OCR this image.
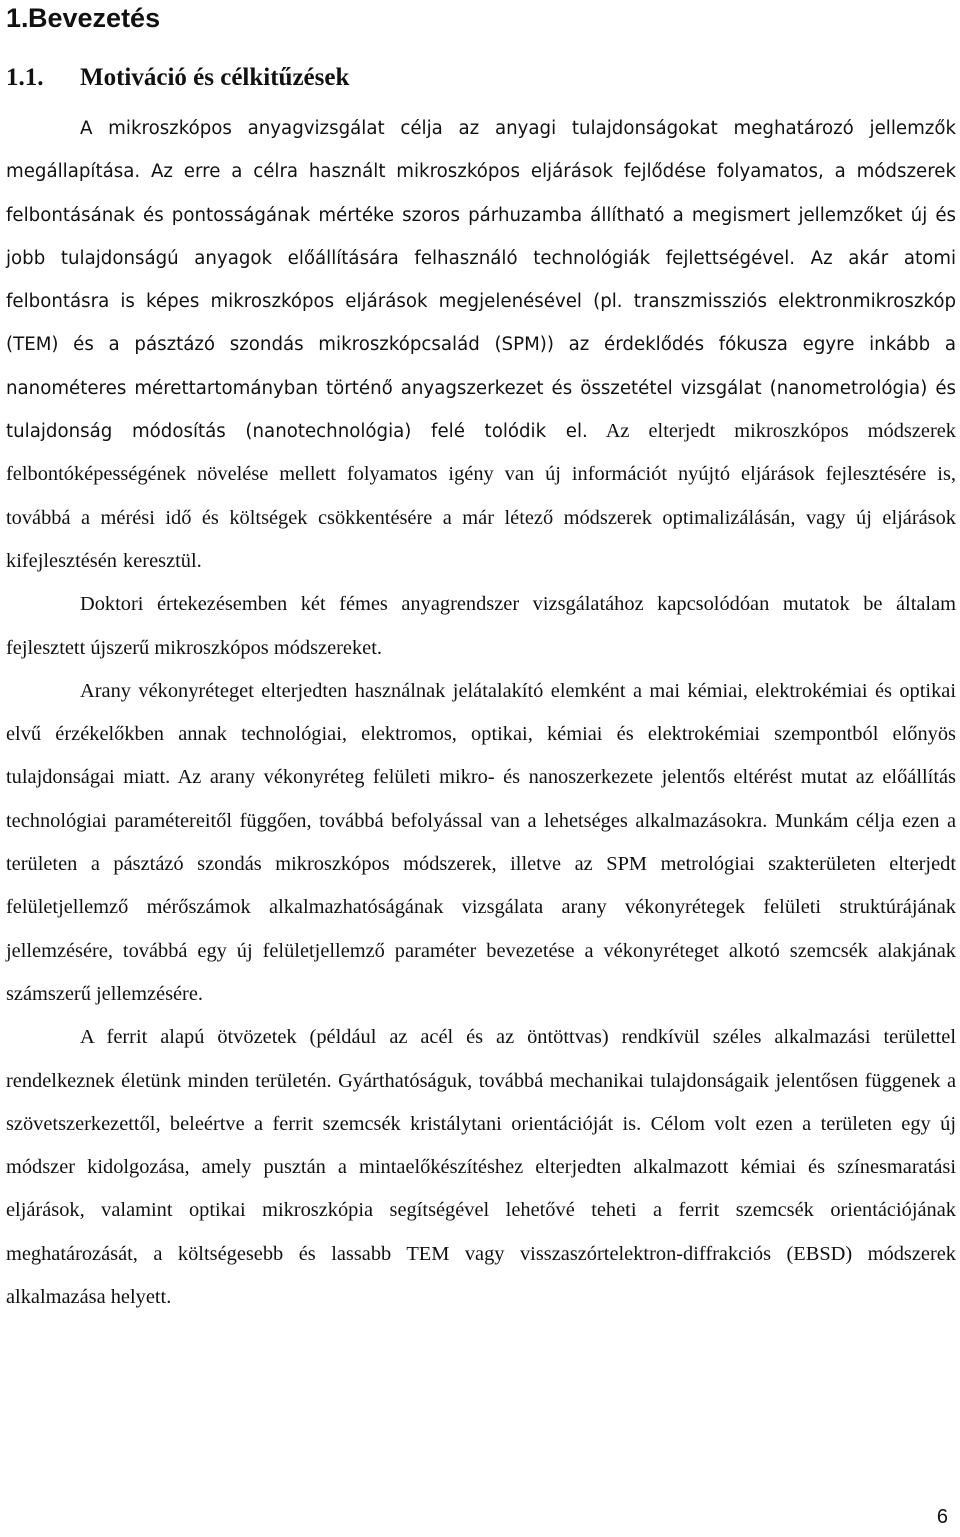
1.Bevezetés
1.1. Motiváció és célkitűzések

A mikroszkópos anyagvizsgálat célja az anyagi tulajdonságokat meghatározó jellemzők megállapítása. Az erre a célra használt mikroszkópos eljárások fejlődése folyamatos, a módszerek felbontásának és pontosságának mértéke szoros párhuzamba állítható a megismert jellemzőket új és jobb tulajdonságú anyagok előállítására felhasználó technológiák fejlettségével. Az akár atomi felbontásra is képes mikroszkópos eljárások megjelenésével (pl. transzmissziós elektronmikroszkóp (TEM) és a pásztázó szondás mikroszkópcsalád (SPM)) az érdeklődés fókusza egyre inkább a nanométeres mérettartományban történő anyagszerkezet és összetétel vizsgálat (nanometrológia) és tulajdonság módosítás (nanotechnológia) felé tolódik el. Az elterjedt mikroszkópos módszerek felbontóképességének növelése mellett folyamatos igény van új információt nyújtó eljárások fejlesztésére is, továbbá a mérési idő és költségek csökkentésére a már létező módszerek optimalizálásán, vagy új eljárások kifejlesztésén keresztül.

Doktori értekezésemben két fémes anyagrendszer vizsgálatához kapcsolódóan mutatok be általam fejlesztett újszerű mikroszkópos módszereket.

Arany vékonyréteget elterjedten használnak jelátalakító elemként a mai kémiai, elektrokémiai és optikai elvű érzékelőkben annak technológiai, elektromos, optikai, kémiai és elektrokémiai szempontból előnyös tulajdonságai miatt. Az arany vékonyréteg felületi mikro- és nanoszerkezete jelentős eltérést mutat az előállítás technológiai paramétereitől függően, továbbá befolyással van a lehetséges alkalmazásokra. Munkám célja ezen a területen a pásztázó szondás mikroszkópos módszerek, illetve az SPM metrológiai szakterületen elterjedt felületjellemző mérőszámok alkalmazhatóságának vizsgálata arany vékonyrétegek felületi struktúrájának jellemzésére, továbbá egy új felületjellemző paraméter bevezetése a vékonyréteget alkotó szemcsék alakjának számszerű jellemzésére.

A ferrit alapú ötvözetek (például az acél és az öntöttvas) rendkívül széles alkalmazási területtel rendelkeznek életünk minden területén. Gyárthatóságuk, továbbá mechanikai tulajdonságaik jelentősen függenek a szövetszerkezettől, beleértve a ferrit szemcsék kristálytani orientációját is. Célom volt ezen a területen egy új módszer kidolgozása, amely pusztán a mintaelőkészítéshez elterjedten alkalmazott kémiai és színesmaratási eljárások, valamint optikai mikroszkópia segítségével lehetővé teheti a ferrit szemcsék orientációjának meghatározását, a költségesebb és lassabb TEM vagy visszaszórtelektron-diffrakciós (EBSD) módszerek alkalmazása helyett.

6
